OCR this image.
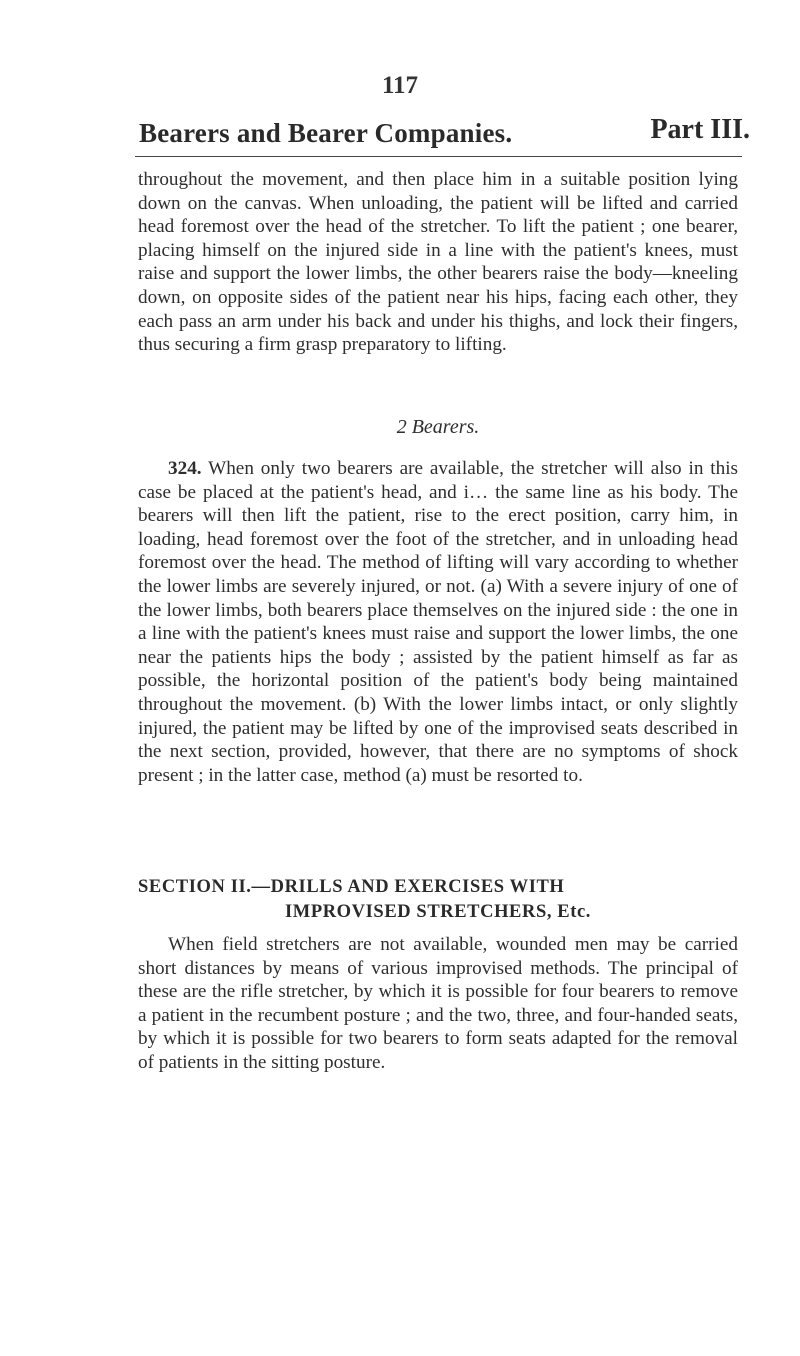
117
Bearers and Bearer Companies.	Part III.

throughout the movement, and then place him in a suitable position lying down on the canvas. When unloading, the patient will be lifted and carried head foremost over the head of the stretcher. To lift the patient ; one bearer, placing himself on the injured side in a line with the patient's knees, must raise and support the lower limbs, the other bearers raise the body—kneeling down, on opposite sides of the patient near his hips, facing each other, they each pass an arm under his back and under his thighs, and lock their fingers, thus securing a firm grasp preparatory to lifting.

2 Bearers.

324. When only two bearers are available, the stretcher will also in this case be placed at the patient's head, and i… the same line as his body. The bearers will then lift the patient, rise to the erect position, carry him, in loading, head foremost over the foot of the stretcher, and in unloading head foremost over the head. The method of lifting will vary according to whether the lower limbs are severely injured, or not. (a) With a severe injury of one of the lower limbs, both bearers place themselves on the injured side : the one in a line with the patient's knees must raise and support the lower limbs, the one near the patients hips the body ; assisted by the patient himself as far as possible, the horizontal position of the patient's body being maintained throughout the movement. (b) With the lower limbs intact, or only slightly injured, the patient may be lifted by one of the improvised seats described in the next section, provided, however, that there are no symptoms of shock present ; in the latter case, method (a) must be resorted to.

SECTION II.—DRILLS AND EXERCISES WITH
IMPROVISED STRETCHERS, Etc.

When field stretchers are not available, wounded men may be carried short distances by means of various improvised methods. The principal of these are the rifle stretcher, by which it is possible for four bearers to remove a patient in the recumbent posture ; and the two, three, and four-handed seats, by which it is possible for two bearers to form seats adapted for the removal of patients in the sitting posture.
